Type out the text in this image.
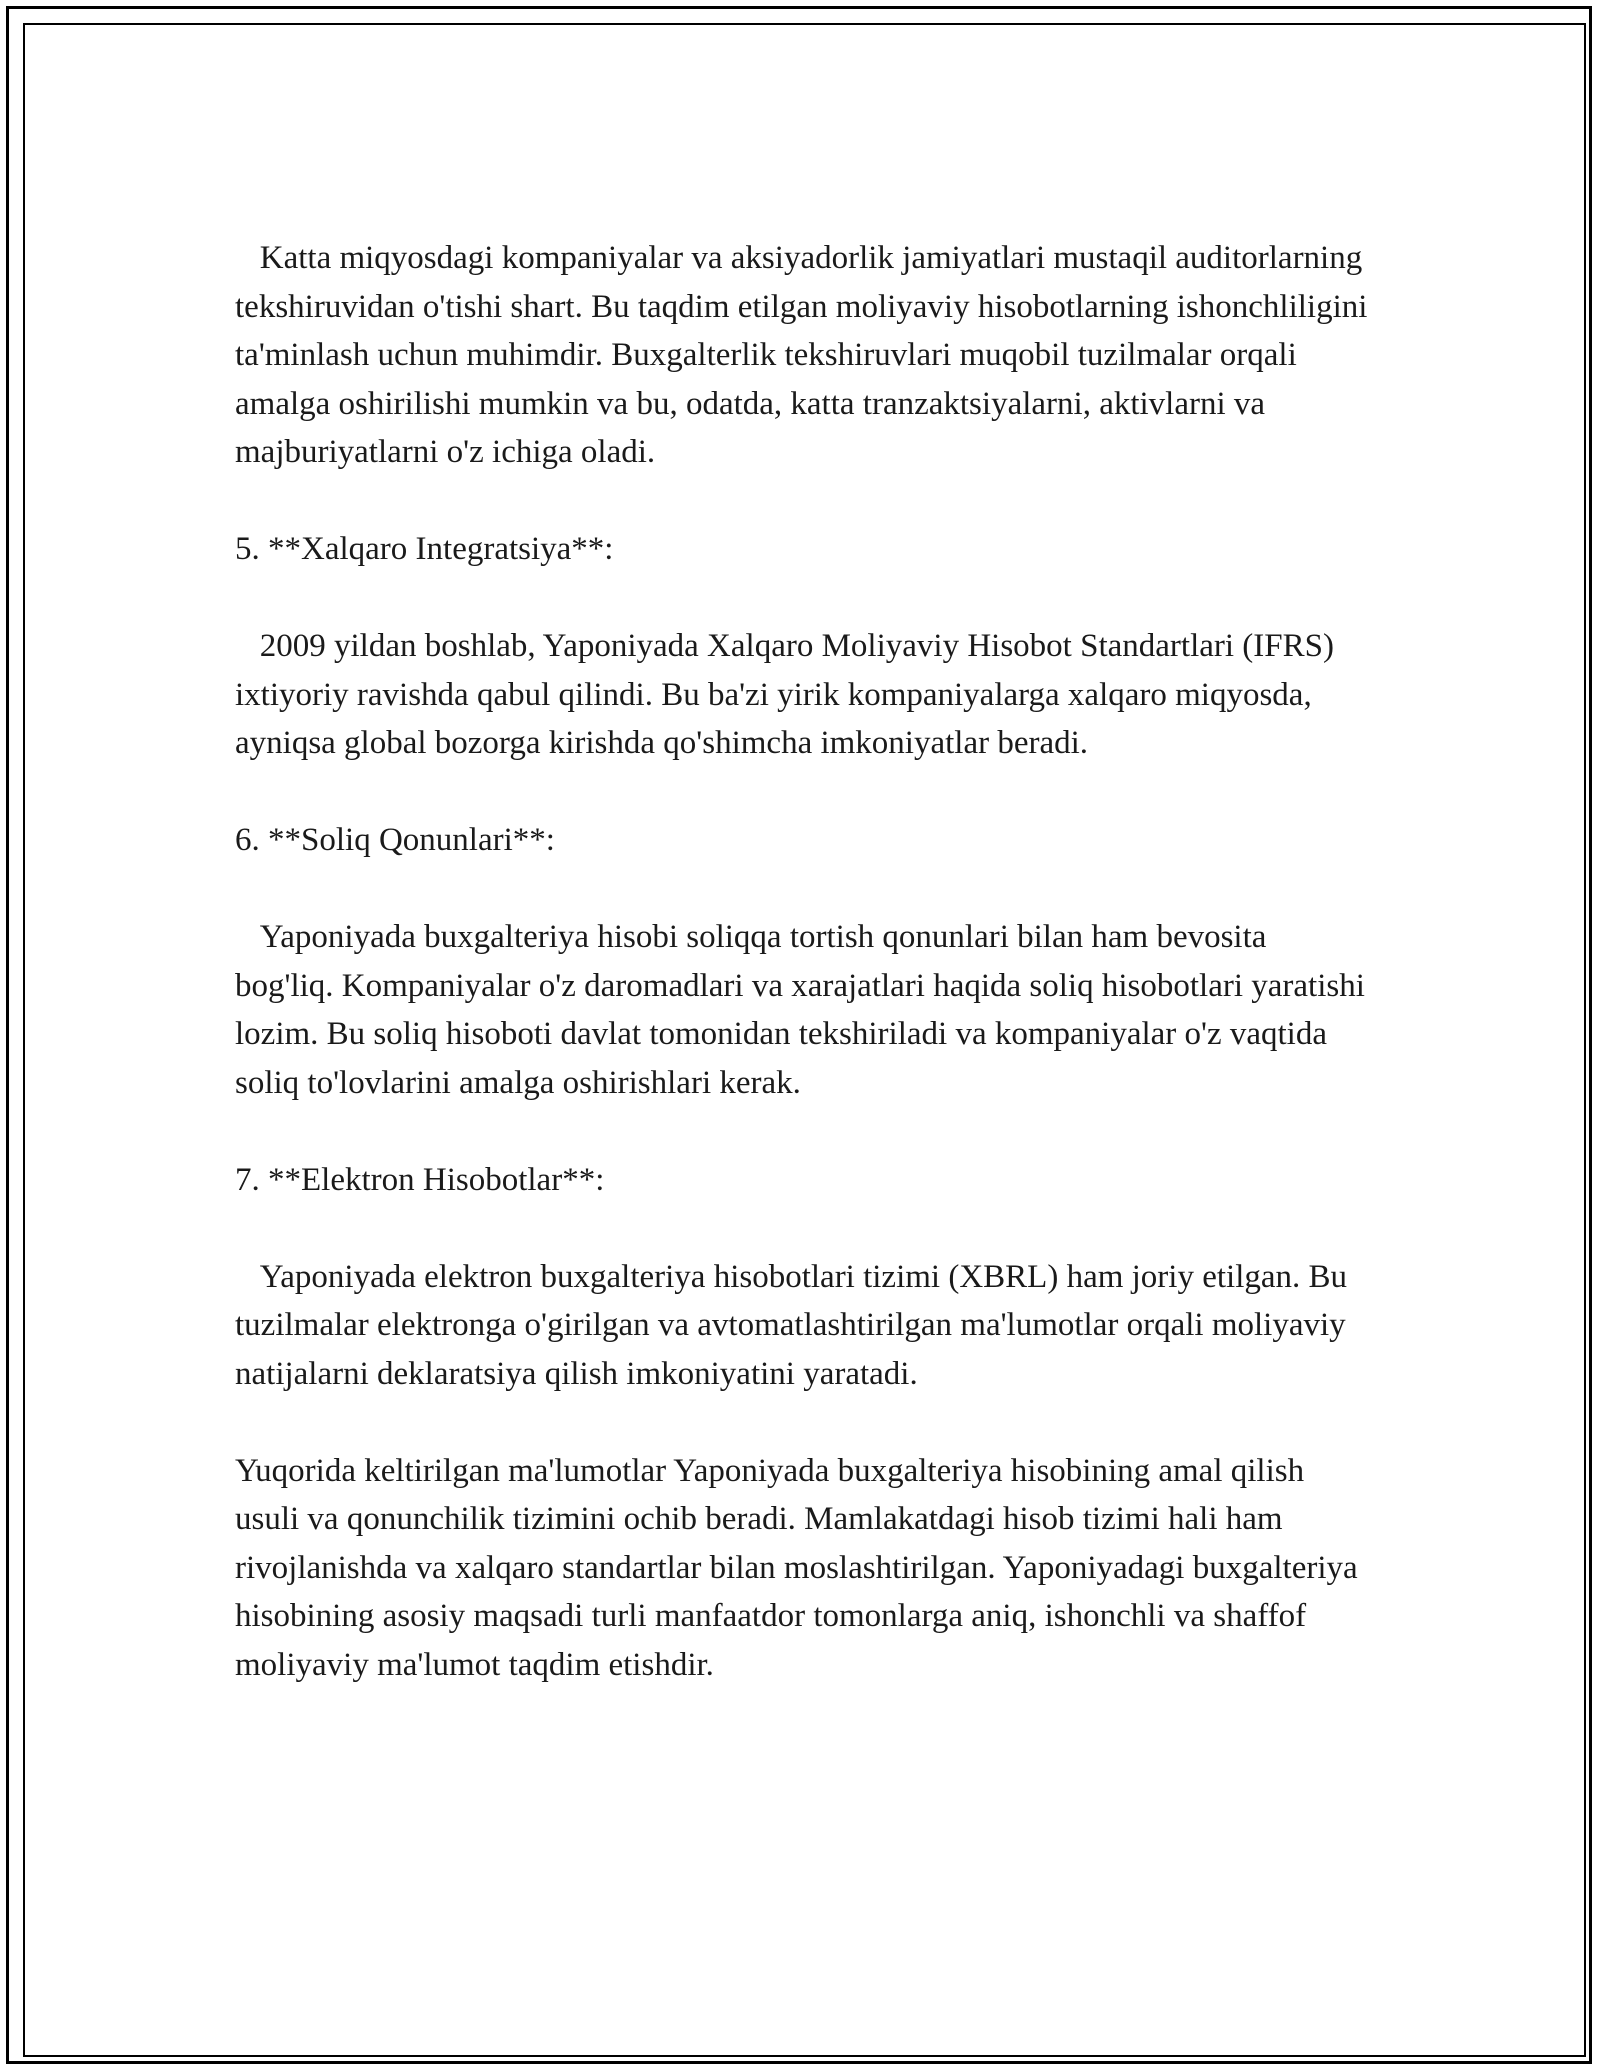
Katta miqyosdagi kompaniyalar va aksiyadorlik jamiyatlari mustaqil auditorlarning tekshiruvidan o'tishi shart. Bu taqdim etilgan moliyaviy hisobotlarning ishonchliligini ta'minlash uchun muhimdir. Buxgalterlik tekshiruvlari muqobil tuzilmalar orqali amalga oshirilishi mumkin va bu, odatda, katta tranzaktsiyalarni, aktivlarni va majburiyatlarni o'z ichiga oladi.

5. **Xalqaro Integratsiya**:

2009 yildan boshlab, Yaponiyada Xalqaro Moliyaviy Hisobot Standartlari (IFRS) ixtiyoriy ravishda qabul qilindi. Bu ba'zi yirik kompaniyalarga xalqaro miqyosda, ayniqsa global bozorga kirishda qo'shimcha imkoniyatlar beradi.

6. **Soliq Qonunlari**:

Yaponiyada buxgalteriya hisobi soliqqa tortish qonunlari bilan ham bevosita bog'liq. Kompaniyalar o'z daromadlari va xarajatlari haqida soliq hisobotlari yaratishi lozim. Bu soliq hisoboti davlat tomonidan tekshiriladi va kompaniyalar o'z vaqtida soliq to'lovlarini amalga oshirishlari kerak.

7. **Elektron Hisobotlar**:

Yaponiyada elektron buxgalteriya hisobotlari tizimi (XBRL) ham joriy etilgan. Bu tuzilmalar elektronga o'girilgan va avtomatlashtirilgan ma'lumotlar orqali moliyaviy natijalarni deklaratsiya qilish imkoniyatini yaratadi.

Yuqorida keltirilgan ma'lumotlar Yaponiyada buxgalteriya hisobining amal qilish usuli va qonunchilik tizimini ochib beradi. Mamlakatdagi hisob tizimi hali ham rivojlanishda va xalqaro standartlar bilan moslashtirilgan. Yaponiyadagi buxgalteriya hisobining asosiy maqsadi turli manfaatdor tomonlarga aniq, ishonchli va shaffof moliyaviy ma'lumot taqdim etishdir.
